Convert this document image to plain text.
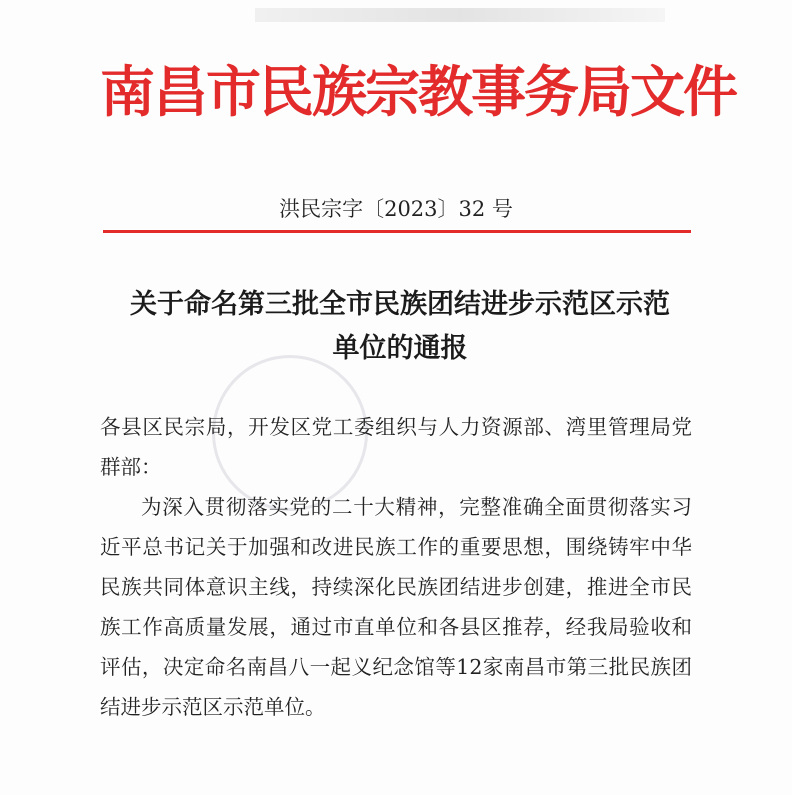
南昌市民族宗教事务局文件
洪民宗字〔2023〕32 号
关于命名第三批全市民族团结进步示范区示范
单位的通报

各县区民宗局，开发区党工委组织与人力资源部、湾里管理局党群部：

为深入贯彻落实党的二十大精神，完整准确全面贯彻落实习近平总书记关于加强和改进民族工作的重要思想，围绕铸牢中华民族共同体意识主线，持续深化民族团结进步创建，推进全市民族工作高质量发展，通过市直单位和各县区推荐，经我局验收和评估，决定命名南昌八一起义纪念馆等12家南昌市第三批民族团结进步示范区示范单位。
